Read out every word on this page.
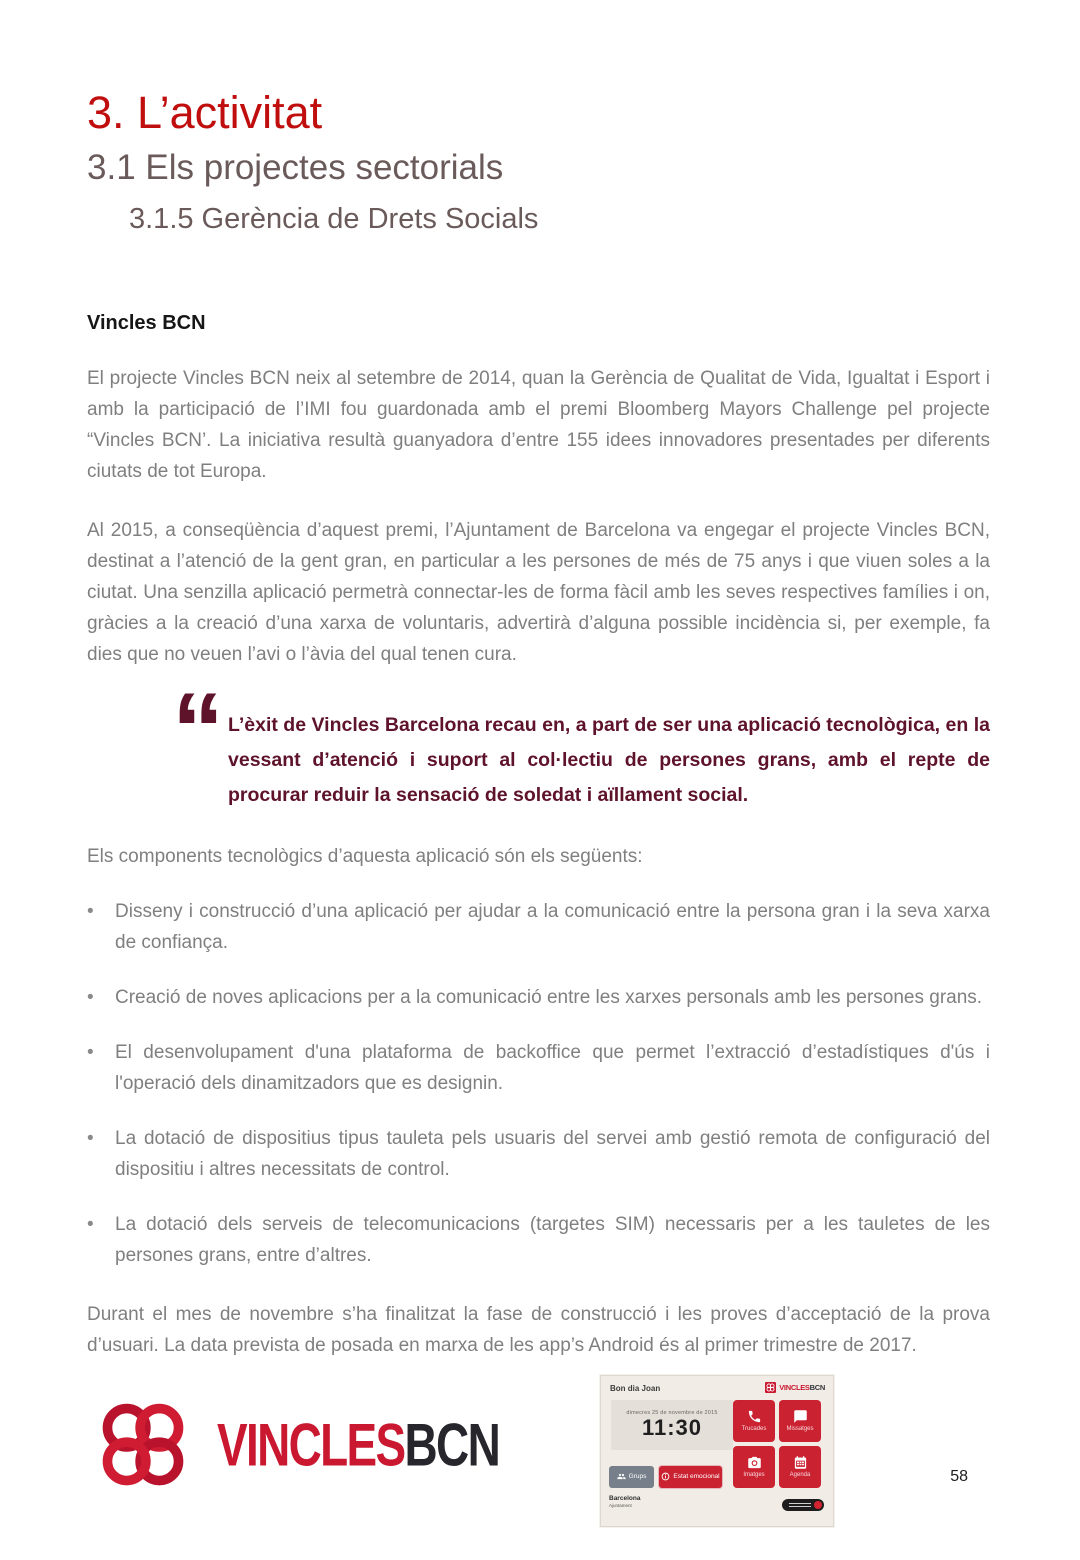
3. L’activitat
3.1 Els projectes sectorials
3.1.5 Gerència de Drets Socials
Vincles BCN

El projecte Vincles BCN neix al setembre de 2014, quan la Gerència de Qualitat de Vida, Igualtat i Esport i amb la participació de l’IMI fou guardonada amb el premi Bloomberg Mayors Challenge pel projecte “Vincles BCN’. La iniciativa resultà guanyadora d’entre 155 idees innovadores presentades per diferents ciutats de tot Europa.

Al 2015, a conseqüència d’aquest premi, l’Ajuntament de Barcelona va engegar el projecte Vincles BCN, destinat a l’atenció de la gent gran, en particular a les persones de més de 75 anys i que viuen soles a la ciutat. Una senzilla aplicació permetrà connectar-les de forma fàcil amb les seves respectives famílies i on, gràcies a la creació d’una xarxa de voluntaris, advertirà d’alguna possible incidència si, per exemple, fa dies que no veuen l’avi o l’àvia del qual tenen cura.

“ L’èxit de Vincles Barcelona recau en, a part de ser una aplicació tecnològica, en la vessant d’atenció i suport al col·lectiu de persones grans, amb el repte de procurar reduir la sensació de soledat i aïllament social.

Els components tecnològics d’aquesta aplicació són els següents:

•	Disseny i construcció d’una aplicació per ajudar a la comunicació entre la persona gran i la seva xarxa de confiança.
•	Creació de noves aplicacions per a la comunicació entre les xarxes personals amb les persones grans.
•	El desenvolupament d'una plataforma de backoffice que permet l’extracció d’estadístiques d'ús i l'operació dels dinamitzadors que es designin.
•	La dotació de dispositius tipus tauleta pels usuaris del servei amb gestió remota de configuració del dispositiu i altres necessitats de control.
•	La dotació dels serveis de telecomunicacions (targetes SIM) necessaris per a les tauletes de les persones grans, entre d’altres.

Durant el mes de novembre s’ha finalitzat la fase de construcció i les proves d’acceptació de la prova d’usuari. La data prevista de posada en marxa de les app’s Android és al primer trimestre de 2017.

VINCLESBCN
Bon dia Joan	VINCLESBCN
dimecres 25 de novembre de 2015
11:30	Trucades	Missatges
Imatges	Agenda
Grups	Estat emocional
Barcelona
Ajuntament
58
